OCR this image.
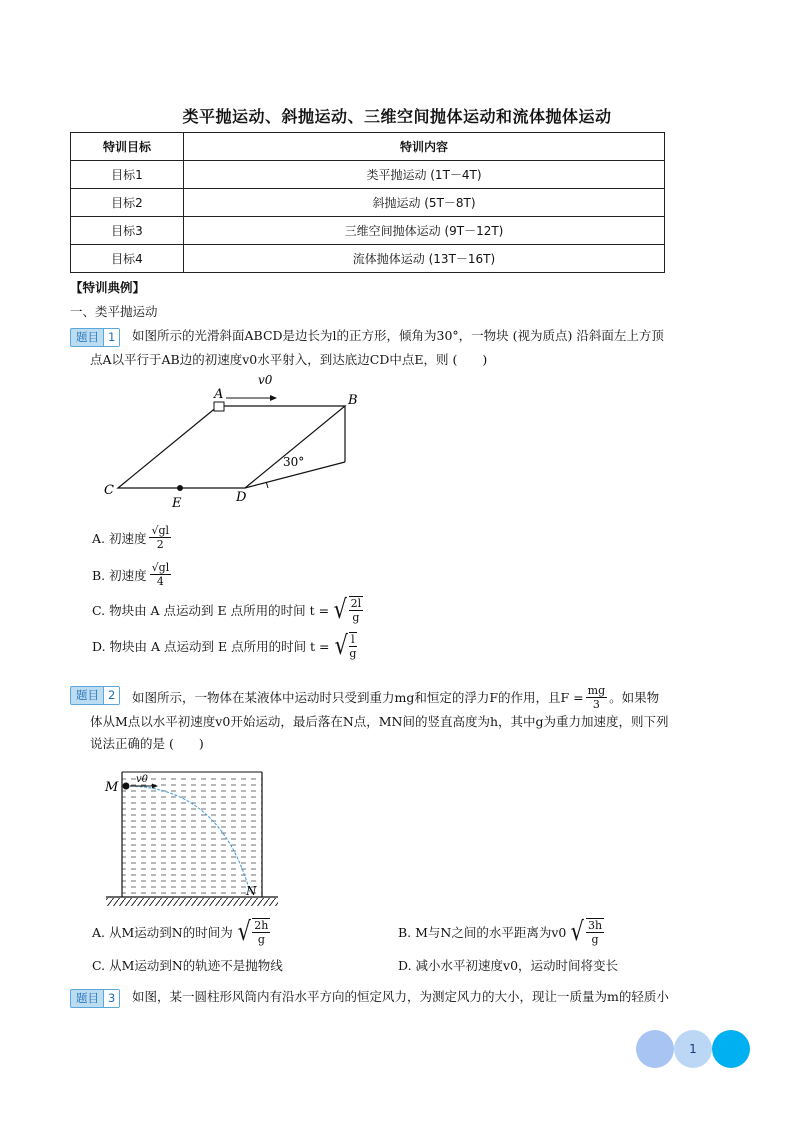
类平抛运动、斜抛运动、三维空间抛体运动和流体抛体运动
特训目标	特训内容
目标1	类平抛运动 (1T－4T)
目标2	斜抛运动 (5T－8T)
目标3	三维空间抛体运动 (9T－12T)
目标4	流体抛体运动 (13T－16T)
【特训典例】
一、类平抛运动
题目 1	如图所示的光滑斜面ABCD是边长为l的正方形，倾角为30°，一物块 (视为质点) 沿斜面左上方顶
点A以平行于AB边的初速度v0水平射入，到达底边CD中点E，则 (　　)
A	B
C	D
E
v0
30°
A. 初速度 $\frac{√gl}{2}$
B. 初速度 $\frac{√gl}{4}$
C. 物块由 A 点运动到 E 点所用的时间 t = √ $\frac{2l}{g}$
D. 物块由 A 点运动到 E 点所用的时间 t = √ $\frac{l}{g}$
题目 2	如图所示，一物体在某液体中运动时只受到重力mg和恒定的浮力F的作用，且$F = \frac{mg}{3}$ 。如果物
体从M点以水平初速度v0开始运动，最后落在N点，MN间的竖直高度为h，其中g为重力加速度，则下列
说法正确的是 (　　)
M
N
v0
A. 从M运动到N的时间为 √ $\frac{2h}{g}$	B. M与N之间的水平距离为v0 √ $\frac{3h}{g}$
C. 从M运动到N的轨迹不是抛物线	D. 减小水平初速度v0，运动时间将变长
题目 3	如图，某一圆柱形风筒内有沿水平方向的恒定风力，为测定风力的大小，现让一质量为m的轻质小
1
